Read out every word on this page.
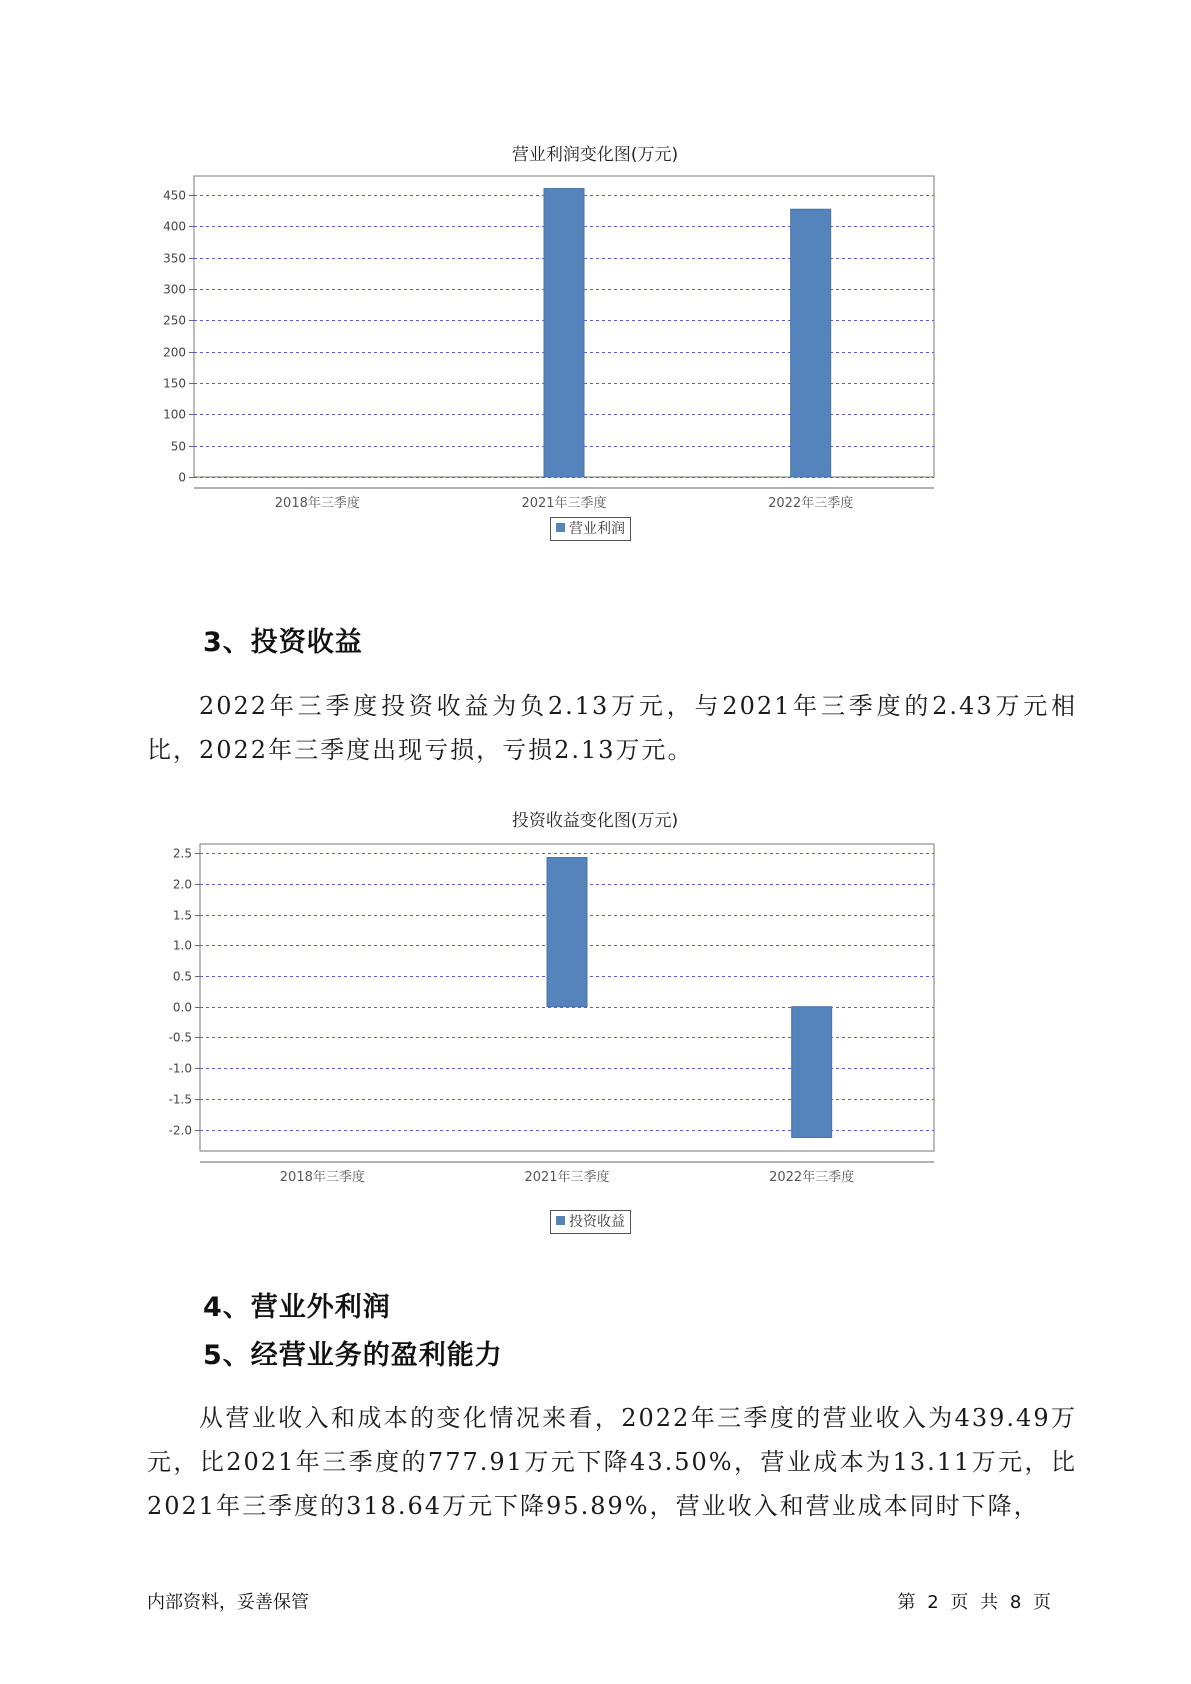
营业利润变化图(万元)
0
50
100
150
200
250
300
350
400
450
2018年三季度	2021年三季度	2022年三季度
营业利润
3、投资收益
2022年三季度投资收益为负2.13万元，与2021年三季度的2.43万元相比，2022年三季度出现亏损，亏损2.13万元。
投资收益变化图(万元)
2.5
2.0
1.5
1.0
0.5
0.0
-0.5
-1.0
-1.5
-2.0
2018年三季度	2021年三季度	2022年三季度
投资收益
4、营业外利润
5、经营业务的盈利能力
从营业收入和成本的变化情况来看，2022年三季度的营业收入为439.49万元，比2021年三季度的777.91万元下降43.50%，营业成本为13.11万元，比2021年三季度的318.64万元下降95.89%，营业收入和营业成本同时下降，
内部资料，妥善保管	第 2 页 共 8 页
